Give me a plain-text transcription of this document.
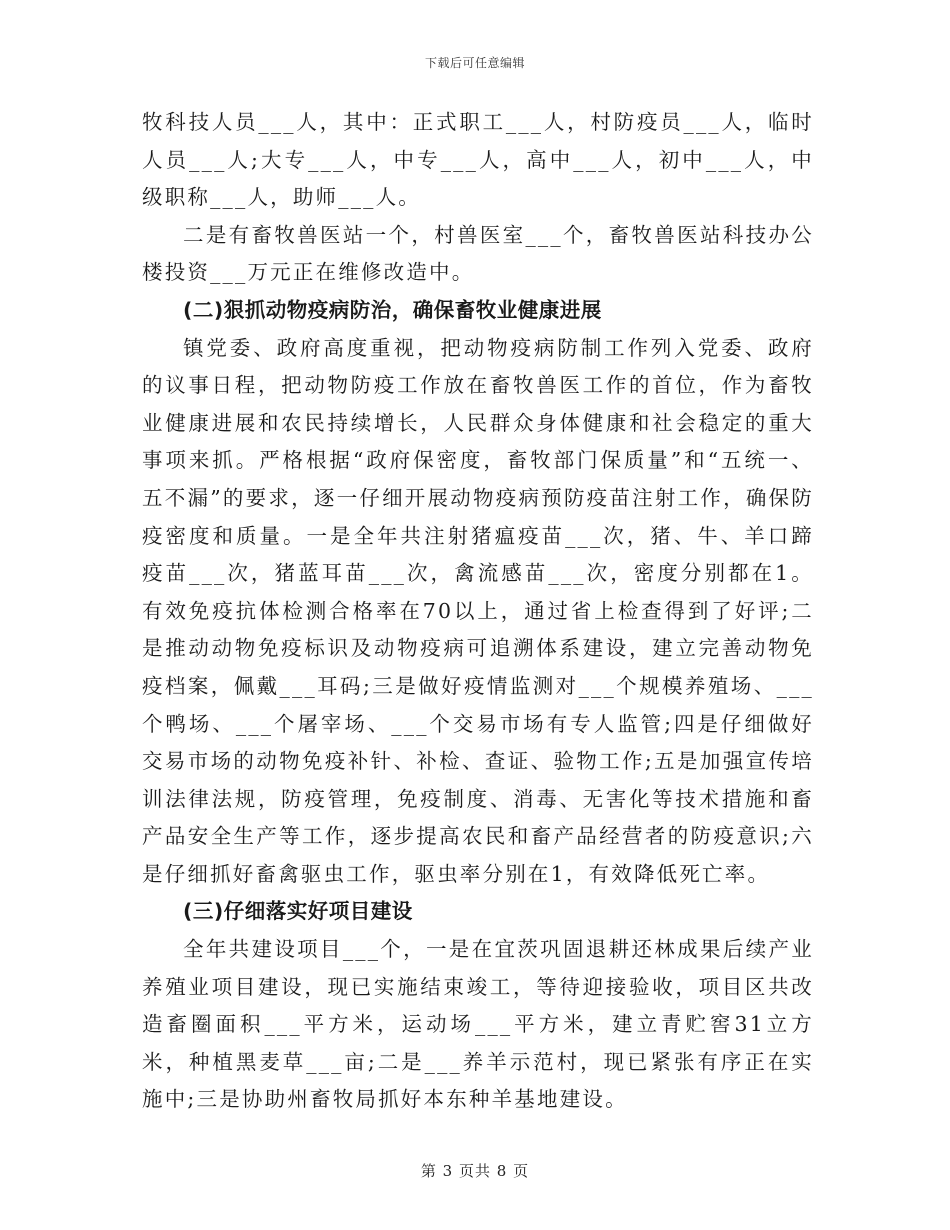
下载后可任意编辑

牧科技人员___人，其中：正式职工___人，村防疫员___人，临时人员___人;大专___人，中专___人，高中___人，初中___人，中级职称___人，助师___人。

二是有畜牧兽医站一个，村兽医室___个，畜牧兽医站科技办公楼投资___万元正在维修改造中。

(二)狠抓动物疫病防治，确保畜牧业健康进展

镇党委、政府高度重视，把动物疫病防制工作列入党委、政府的议事日程，把动物防疫工作放在畜牧兽医工作的首位，作为畜牧业健康进展和农民持续增长，人民群众身体健康和社会稳定的重大事项来抓。严格根据“政府保密度，畜牧部门保质量”和“五统一、五不漏”的要求，逐一仔细开展动物疫病预防疫苗注射工作，确保防疫密度和质量。一是全年共注射猪瘟疫苗___次，猪、牛、羊口蹄疫苗___次，猪蓝耳苗___次，禽流感苗___次，密度分别都在1。有效免疫抗体检测合格率在70以上，通过省上检查得到了好评;二是推动动物免疫标识及动物疫病可追溯体系建设，建立完善动物免疫档案，佩戴___耳码;三是做好疫情监测对___个规模养殖场、___个鸭场、___个屠宰场、___个交易市场有专人监管;四是仔细做好交易市场的动物免疫补针、补检、查证、验物工作;五是加强宣传培训法律法规，防疫管理，免疫制度、消毒、无害化等技术措施和畜产品安全生产等工作，逐步提高农民和畜产品经营者的防疫意识;六是仔细抓好畜禽驱虫工作，驱虫率分别在1，有效降低死亡率。

(三)仔细落实好项目建设

全年共建设项目___个，一是在宜茨巩固退耕还林成果后续产业养殖业项目建设，现已实施结束竣工，等待迎接验收，项目区共改造畜圈面积___平方米，运动场___平方米，建立青贮窖31立方米，种植黑麦草___亩;二是___养羊示范村，现已紧张有序正在实施中;三是协助州畜牧局抓好本东种羊基地建设。

第 3 页共 8 页
